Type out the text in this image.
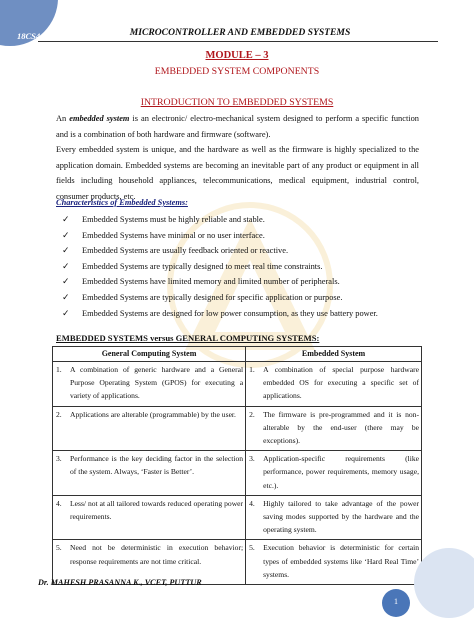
18CS44	MICROCONTROLLER AND EMBEDDED SYSTEMS
MODULE – 3
EMBEDDED SYSTEM COMPONENTS
INTRODUCTION TO EMBEDDED SYSTEMS

An embedded system is an electronic/ electro-mechanical system designed to perform a specific function and is a combination of both hardware and firmware (software).

Every embedded system is unique, and the hardware as well as the firmware is highly specialized to the application domain. Embedded systems are becoming an inevitable part of any product or equipment in all fields including household appliances, telecommunications, medical equipment, industrial control, consumer products, etc.

Characteristics of Embedded Systems:
✓	Embedded Systems must be highly reliable and stable.
✓	Embedded Systems have minimal or no user interface.
✓	Embedded Systems are usually feedback oriented or reactive.
✓	Embedded Systems are typically designed to meet real time constraints.
✓	Embedded Systems have limited memory and limited number of peripherals.
✓	Embedded Systems are typically designed for specific application or purpose.
✓	Embedded Systems are designed for low power consumption, as they use battery power.
EMBEDDED SYSTEMS versus GENERAL COMPUTING SYSTEMS:
General Computing System		Embedded System	
1.	A combination of generic hardware and a General Purpose Operating System (GPOS) for executing a variety of applications.	1.	A combination of special purpose hardware embedded OS for executing a specific set of applications.
2.	Applications are alterable (programmable) by the user.	2.	The firmware is pre-programmed and it is non-alterable by the end-user (there may be exceptions).
3.	Performance is the key deciding factor in the selection of the system. Always, ‘Faster is Better’.	3.	Application-specific requirements (like performance, power requirements, memory usage, etc.).
4.	Less/ not at all tailored towards reduced operating power requirements.	4.	Highly tailored to take advantage of the power saving modes supported by the hardware and the operating system.
5.	Need not be deterministic in execution behavior; response requirements are not time critical.	5.	Execution behavior is deterministic for certain types of embedded systems like ‘Hard Real Time’ systems.
Dr. MAHESH PRASANNA K., VCET, PUTTUR
1
